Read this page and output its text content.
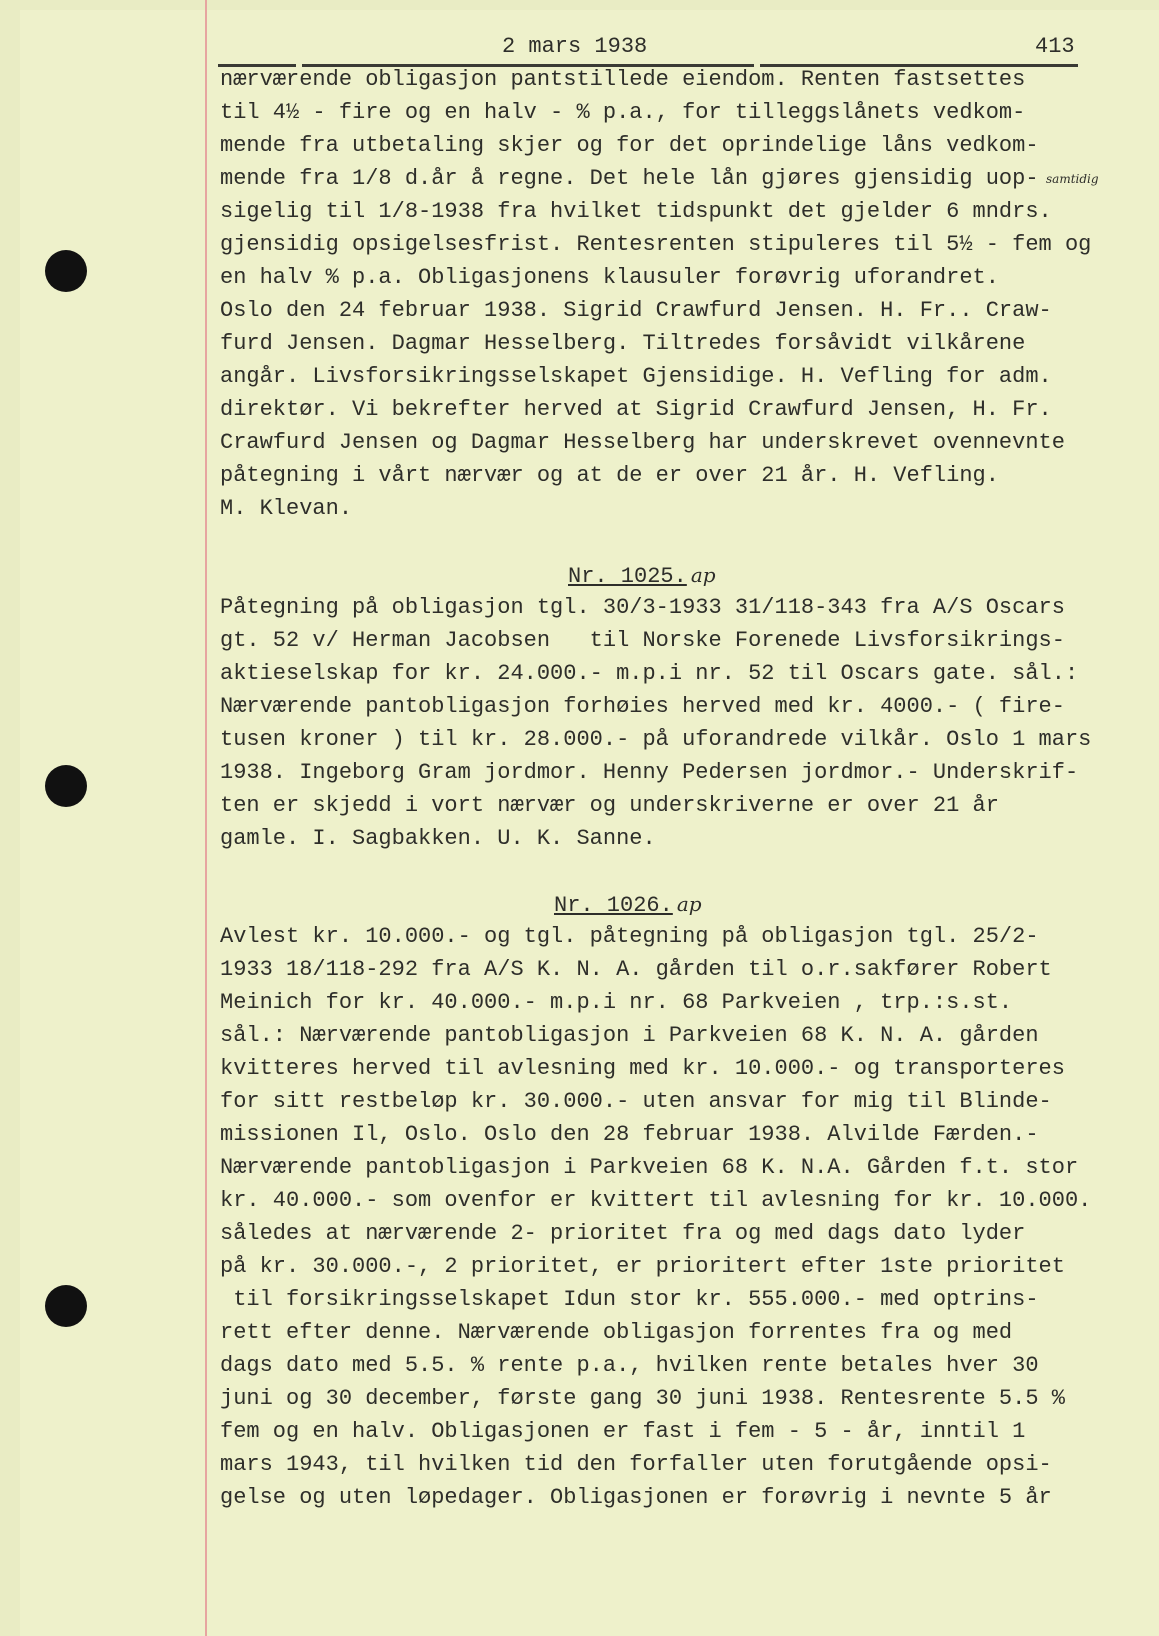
2 mars 1938	413
nærværende obligasjon pantstillede eiendom. Renten fastsettes
til 4½ - fire og en halv - % p.a., for tilleggslånets vedkom-
mende fra utbetaling skjer og for det oprindelige låns vedkom-
mende fra 1/8 d.år å regne. Det hele lån gjøres gjensidig uop-
sigelig til 1/8-1938 fra hvilket tidspunkt det gjelder 6 mndrs.
gjensidig opsigelsesfrist. Rentesrenten stipuleres til 5½ - fem og
en halv % p.a. Obligasjonens klausuler forøvrig uforandret.
Oslo den 24 februar 1938. Sigrid Crawfurd Jensen. H. Fr.. Craw-
furd Jensen. Dagmar Hesselberg. Tiltredes forsåvidt vilkårene
angår. Livsforsikringsselskapet Gjensidige. H. Vefling for adm.
direktør. Vi bekrefter herved at Sigrid Crawfurd Jensen, H. Fr.
Crawfurd Jensen og Dagmar Hesselberg har underskrevet ovennevnte
påtegning i vårt nærvær og at de er over 21 år. H. Vefling.
M. Klevan.
samtidig
Nr. 1025. ap
Påtegning på obligasjon tgl. 30/3-1933 31/118-343 fra A/S Oscars
gt. 52 v/ Herman Jacobsen   til Norske Forenede Livsforsikrings-
aktieselskap for kr. 24.000.- m.p.i nr. 52 til Oscars gate. sål.:
Nærværende pantobligasjon forhøies herved med kr. 4000.- ( fire-
tusen kroner ) til kr. 28.000.- på uforandrede vilkår. Oslo 1 mars
1938. Ingeborg Gram jordmor. Henny Pedersen jordmor.- Underskrif-
ten er skjedd i vort nærvær og underskriverne er over 21 år
gamle. I. Sagbakken. U. K. Sanne.
Nr. 1026. ap
Avlest kr. 10.000.- og tgl. påtegning på obligasjon tgl. 25/2-
1933 18/118-292 fra A/S K. N. A. gården til o.r.sakfører Robert
Meinich for kr. 40.000.- m.p.i nr. 68 Parkveien , trp.:s.st.
sål.: Nærværende pantobligasjon i Parkveien 68 K. N. A. gården
kvitteres herved til avlesning med kr. 10.000.- og transporteres
for sitt restbeløp kr. 30.000.- uten ansvar for mig til Blinde-
missionen Il, Oslo. Oslo den 28 februar 1938. Alvilde Færden.-
Nærværende pantobligasjon i Parkveien 68 K. N.A. Gården f.t. stor
kr. 40.000.- som ovenfor er kvittert til avlesning for kr. 10.000.
således at nærværende 2- prioritet fra og med dags dato lyder
på kr. 30.000.-, 2 prioritet, er prioritert efter 1ste prioritet
til forsikringsselskapet Idun stor kr. 555.000.- med optrins-
rett efter denne. Nærværende obligasjon forrentes fra og med
dags dato med 5.5. % rente p.a., hvilken rente betales hver 30
juni og 30 december, første gang 30 juni 1938. Rentesrente 5.5 %
fem og en halv. Obligasjonen er fast i fem - 5 - år, inntil 1
mars 1943, til hvilken tid den forfaller uten forutgående opsi-
gelse og uten løpedager. Obligasjonen er forøvrig i nevnte 5 år
